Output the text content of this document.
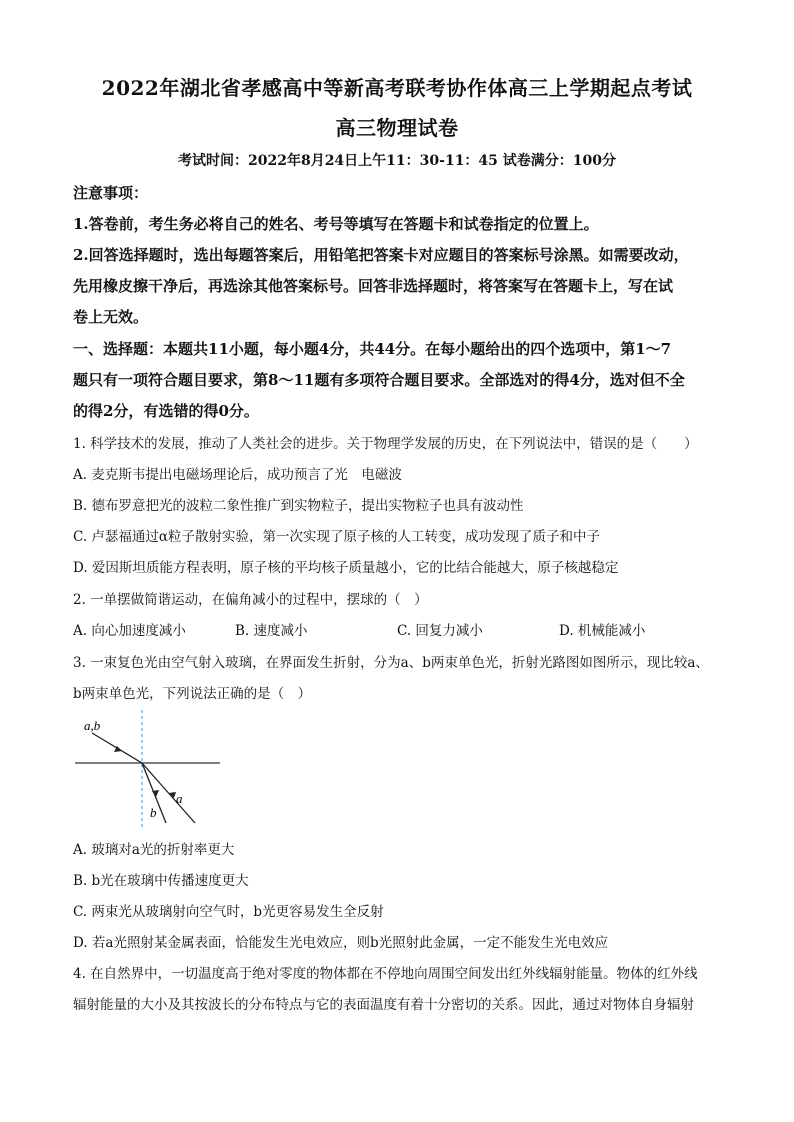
2022年湖北省孝感高中等新高考联考协作体高三上学期起点考试
高三物理试卷
考试时间：2022年8月24日上午11：30-11：45 试卷满分：100分
注意事项：
1.答卷前，考生务必将自己的姓名、考号等填写在答题卡和试卷指定的位置上。
2.回答选择题时，选出每题答案后，用铅笔把答案卡对应题目的答案标号涂黑。如需要改动，
先用橡皮擦干净后，再选涂其他答案标号。回答非选择题时，将答案写在答题卡上，写在试
卷上无效。
一、选择题：本题共11小题，每小题4分，共44分。在每小题给出的四个选项中，第1～7
题只有一项符合题目要求，第8～11题有多项符合题目要求。全部选对的得4分，选对但不全
的得2分，有选错的得0分。
1. 科学技术的发展，推动了人类社会的进步。关于物理学发展的历史，在下列说法中，错误的是（　　）
A. 麦克斯韦提出电磁场理论后，成功预言了光　电磁波
B. 德布罗意把光的波粒二象性推广到实物粒子，提出实物粒子也具有波动性
C. 卢瑟福通过α粒子散射实验，第一次实现了原子核的人工转变，成功发现了质子和中子
D. 爱因斯坦质能方程表明，原子核的平均核子质量越小，它的比结合能越大，原子核越稳定
2. 一单摆做简谐运动，在偏角减小的过程中，摆球的（　）
A. 向心加速度减小	B. 速度减小	C. 回复力减小	D. 机械能减小
3. 一束复色光由空气射入玻璃，在界面发生折射，分为a、b两束单色光，折射光路图如图所示，现比较a、
b两束单色光，下列说法正确的是（　）
a,b
a
b
A. 玻璃对a光的折射率更大
B. b光在玻璃中传播速度更大
C. 两束光从玻璃射向空气时，b光更容易发生全反射
D. 若a光照射某金属表面，恰能发生光电效应，则b光照射此金属，一定不能发生光电效应
4. 在自然界中，一切温度高于绝对零度的物体都在不停地向周围空间发出红外线辐射能量。物体的红外线
辐射能量的大小及其按波长的分布特点与它的表面温度有着十分密切的关系。因此，通过对物体自身辐射
